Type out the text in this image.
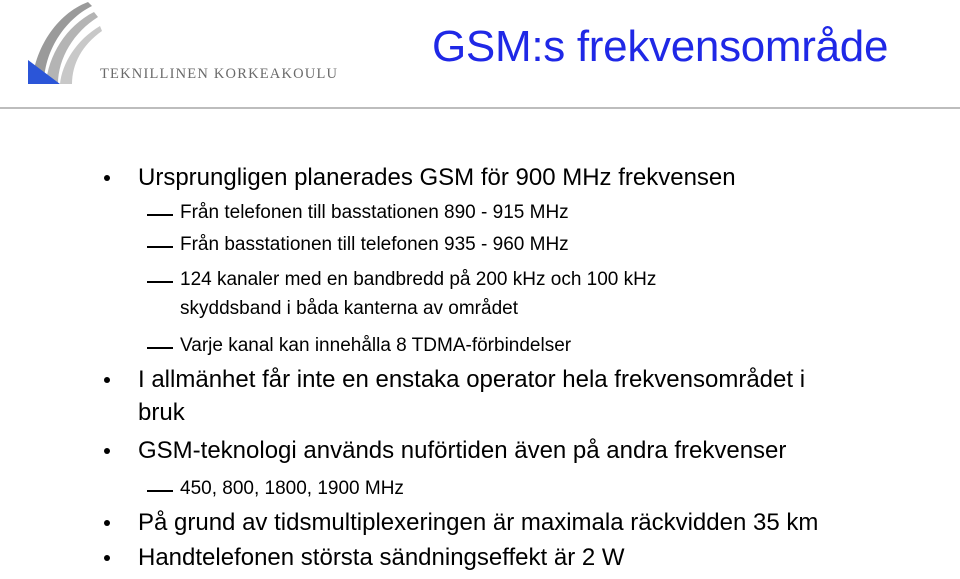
TEKNILLINEN KORKEAKOULU
GSM:s frekvensområde
Ursprungligen planerades GSM för 900 MHz frekvensen
Från telefonen till basstationen 890 - 915 MHz
Från basstationen till telefonen 935 - 960 MHz
124 kanaler med en bandbredd på 200 kHz och 100 kHz
skyddsband i båda kanterna av området
Varje kanal kan innehålla 8 TDMA-förbindelser
I allmänhet får inte en enstaka operator hela frekvensområdet i
bruk
GSM-teknologi används nuförtiden även på andra frekvenser
450, 800, 1800, 1900 MHz
På grund av tidsmultiplexeringen är maximala räckvidden 35 km
Handtelefonen största sändningseffekt är 2 W
